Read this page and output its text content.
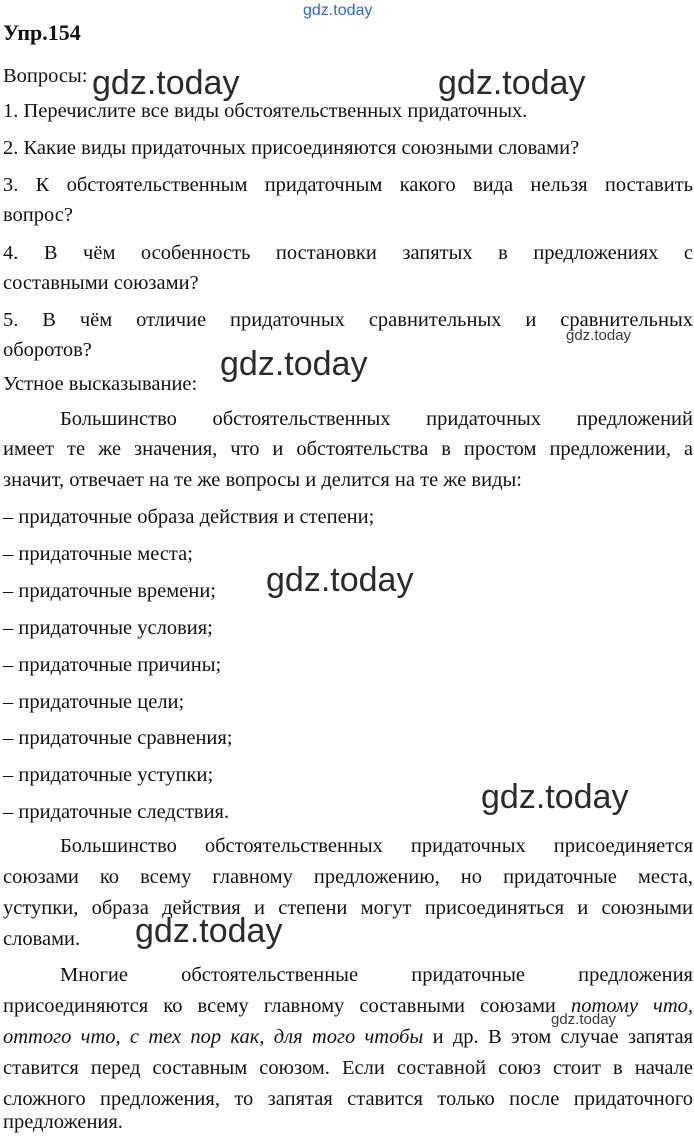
gdz.today
Упр.154
Вопросы: gdz.today	gdz.today
1. Перечислите все виды обстоятельственных придаточных.
2. Какие виды придаточных присоединяются союзными словами?
3. К обстоятельственным придаточным какого вида нельзя поставить
вопрос?
4. В чём особенность постановки запятых в предложениях с
составными союзами?
5. В чём отличие придаточных сравнительных и сравнительных
оборотов?
gdz.today
Устное высказывание:
gdz.today
Большинство обстоятельственных придаточных предложений
имеет те же значения, что и обстоятельства в простом предложении, а
значит, отвечает на те же вопросы и делится на те же виды:
– придаточные образа действия и степени;
– придаточные места;
– придаточные времени;	gdz.today
– придаточные условия;
– придаточные причины;
– придаточные цели;
– придаточные сравнения;
– придаточные уступки;
– придаточные следствия.	gdz.today
Большинство обстоятельственных придаточных присоединяется
союзами ко всему главному предложению, но придаточные места,
уступки, образа действия и степени могут присоединяться и союзными
словами.	gdz.today
Многие обстоятельственные придаточные предложения
присоединяются ко всему главному составными союзами потому что,
оттого что, с тех пор как, для того чтобы и др. В этом случае запятая
gdz.today
ставится перед составным союзом. Если составной союз стоит в начале
сложного предложения, то запятая ставится только после придаточного
предложения.
